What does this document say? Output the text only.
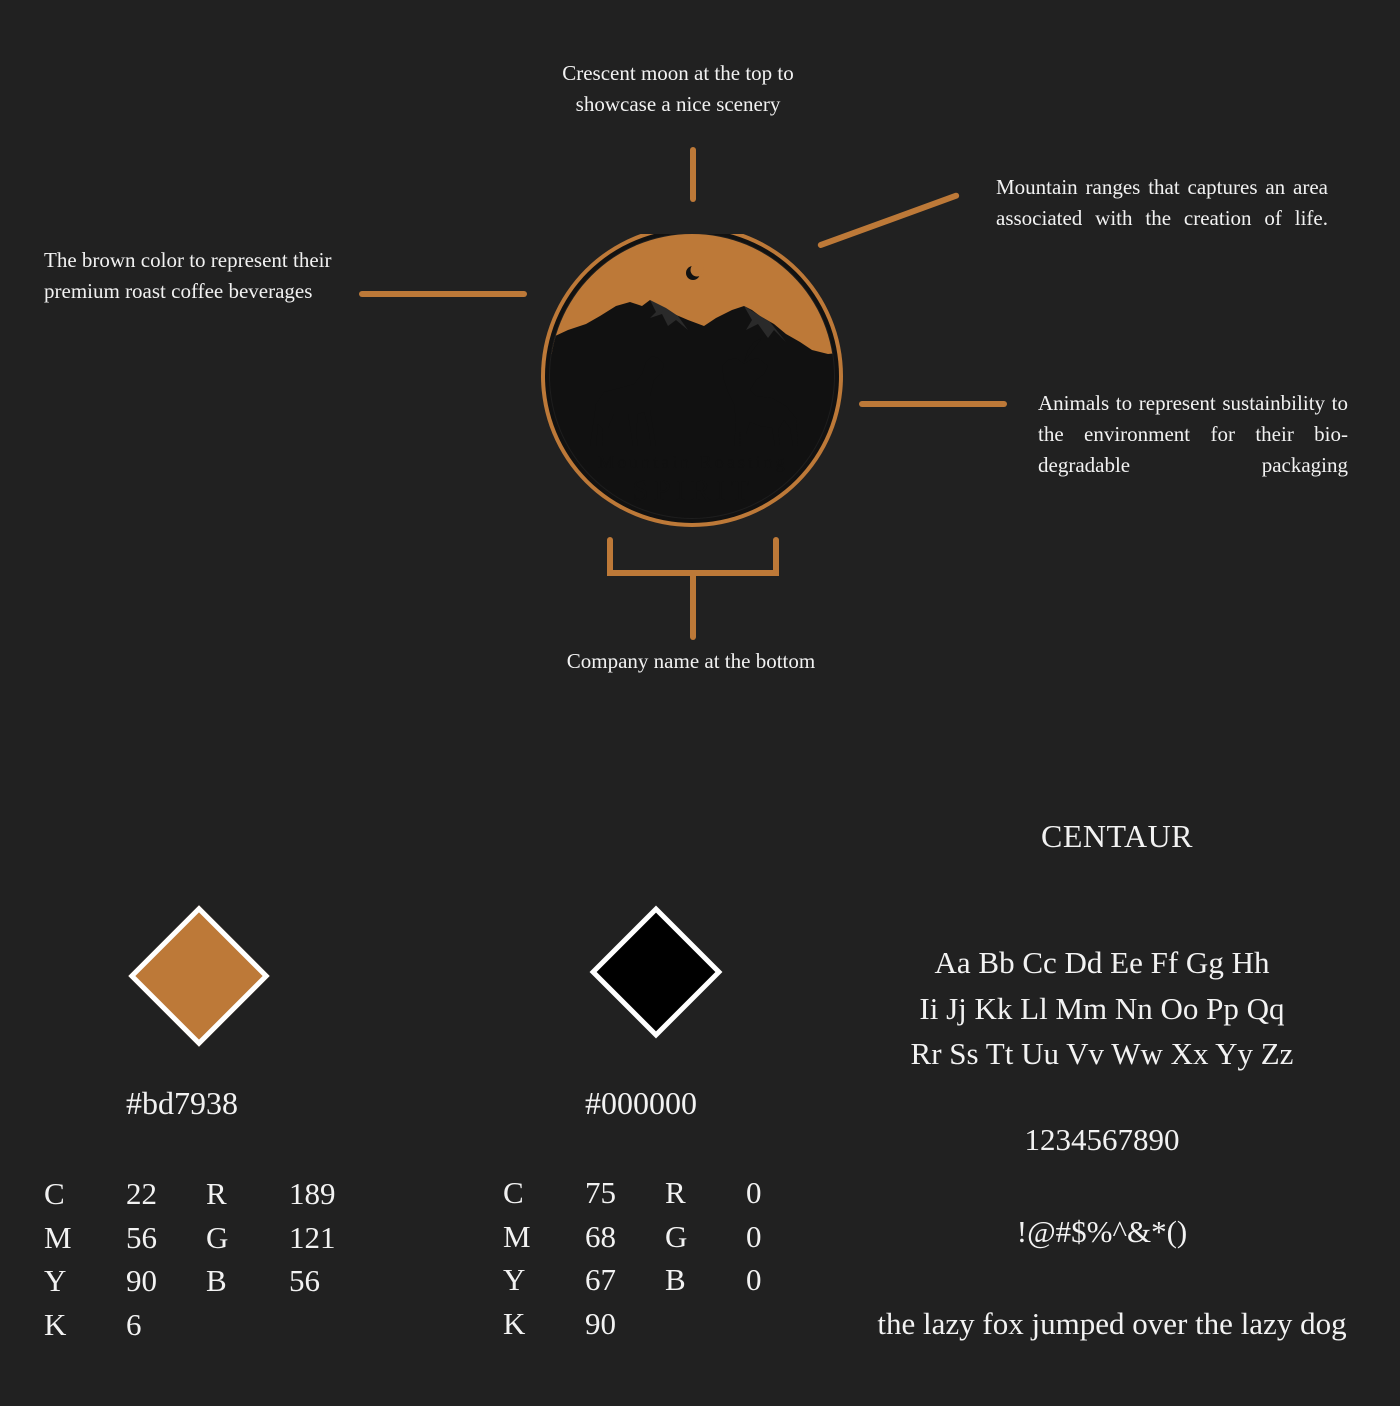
Crescent moon at the top to

showcase a nice scenery

Mountain ranges that captures an area associated with the creation of life.

The brown color to represent their

premium roast coffee beverages

Animals to represent sustainbility to the environment for their bio-degradable packaging
Mountain Roasting
SPIRIT
Company name at the bottom
#bd7938
C 22 R 189
M 56 G 121
Y 90 B 56
K 6
#000000
C 75 R 0
M 68 G 0
Y 67 B 0
K 90
CENTAUR
Aa Bb Cc Dd Ee Ff Gg Hh
Ii Jj Kk Ll Mm Nn Oo Pp Qq
Rr Ss Tt Uu Vv Ww Xx Yy Zz
1234567890
!@#$%^&*()
the lazy fox jumped over the lazy dog
